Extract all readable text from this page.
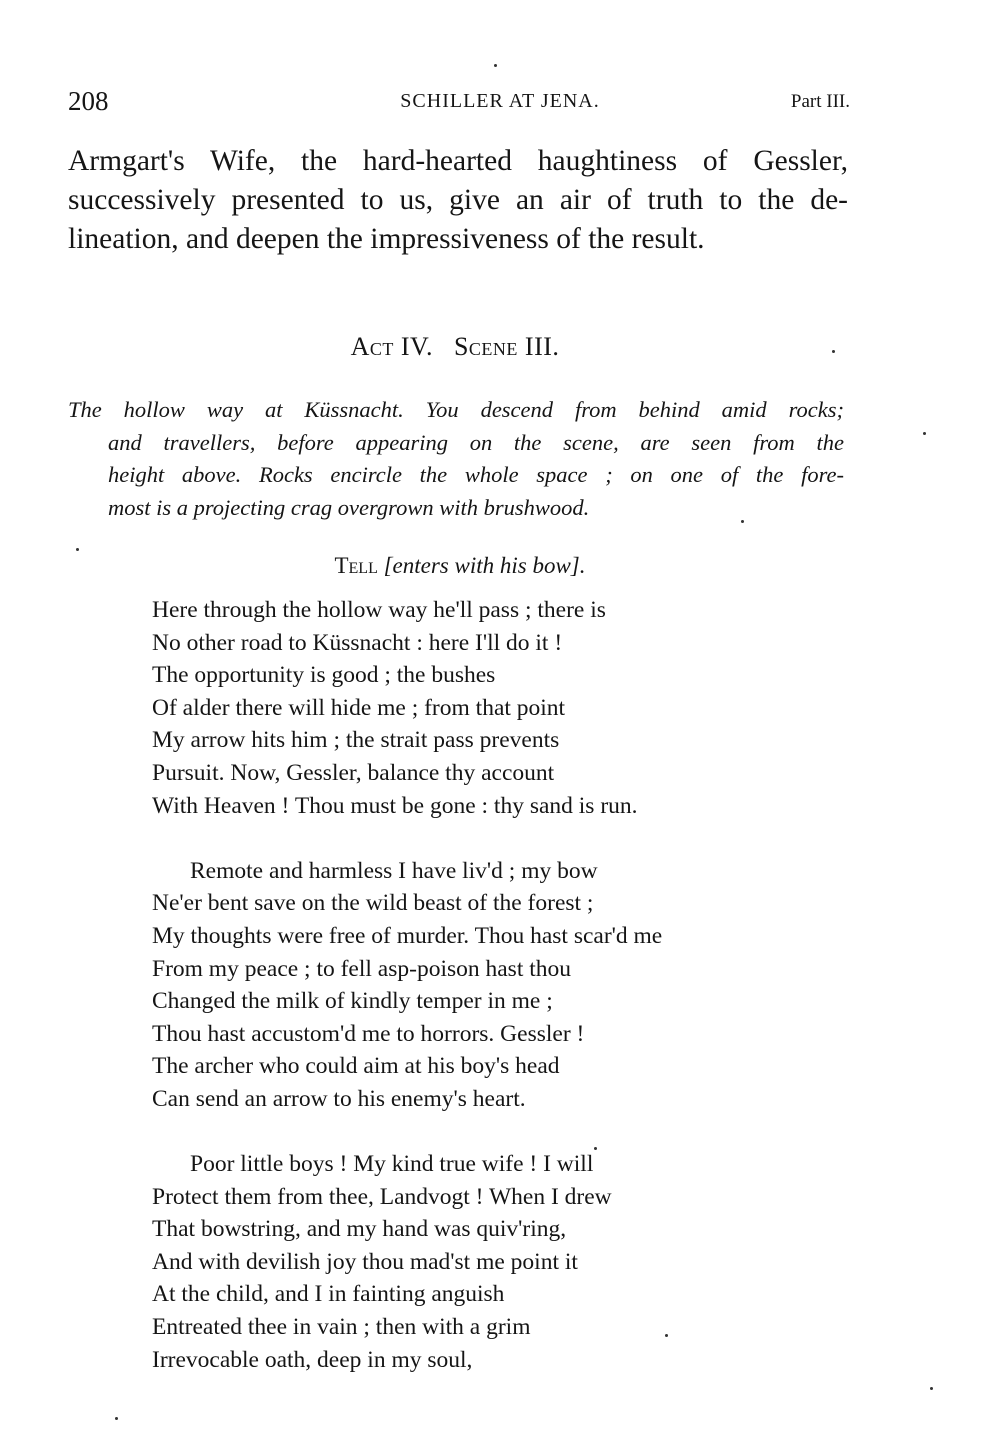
208	SCHILLER AT JENA.	Part III.
Armgart's Wife, the hard-hearted haughtiness of Gessler,
successively presented to us, give an air of truth to the de-
lineation, and deepen the impressiveness of the result.
Act IV. Scene III.
The hollow way at Küssnacht. You descend from behind amid rocks;
and travellers, before appearing on the scene, are seen from the
height above. Rocks encircle the whole space ; on one of the fore-
most is a projecting crag overgrown with brushwood.
Tell [enters with his bow].
Here through the hollow way he'll pass ; there is
No other road to Küssnacht : here I'll do it !
The opportunity is good ; the bushes
Of alder there will hide me ; from that point
My arrow hits him ; the strait pass prevents
Pursuit. Now, Gessler, balance thy account
With Heaven ! Thou must be gone : thy sand is run.
Remote and harmless I have liv'd ; my bow
Ne'er bent save on the wild beast of the forest ;
My thoughts were free of murder. Thou hast scar'd me
From my peace ; to fell asp-poison hast thou
Changed the milk of kindly temper in me ;
Thou hast accustom'd me to horrors. Gessler !
The archer who could aim at his boy's head
Can send an arrow to his enemy's heart.
Poor little boys ! My kind true wife ! I will
Protect them from thee, Landvogt ! When I drew
That bowstring, and my hand was quiv'ring,
And with devilish joy thou mad'st me point it
At the child, and I in fainting anguish
Entreated thee in vain ; then with a grim
Irrevocable oath, deep in my soul,
